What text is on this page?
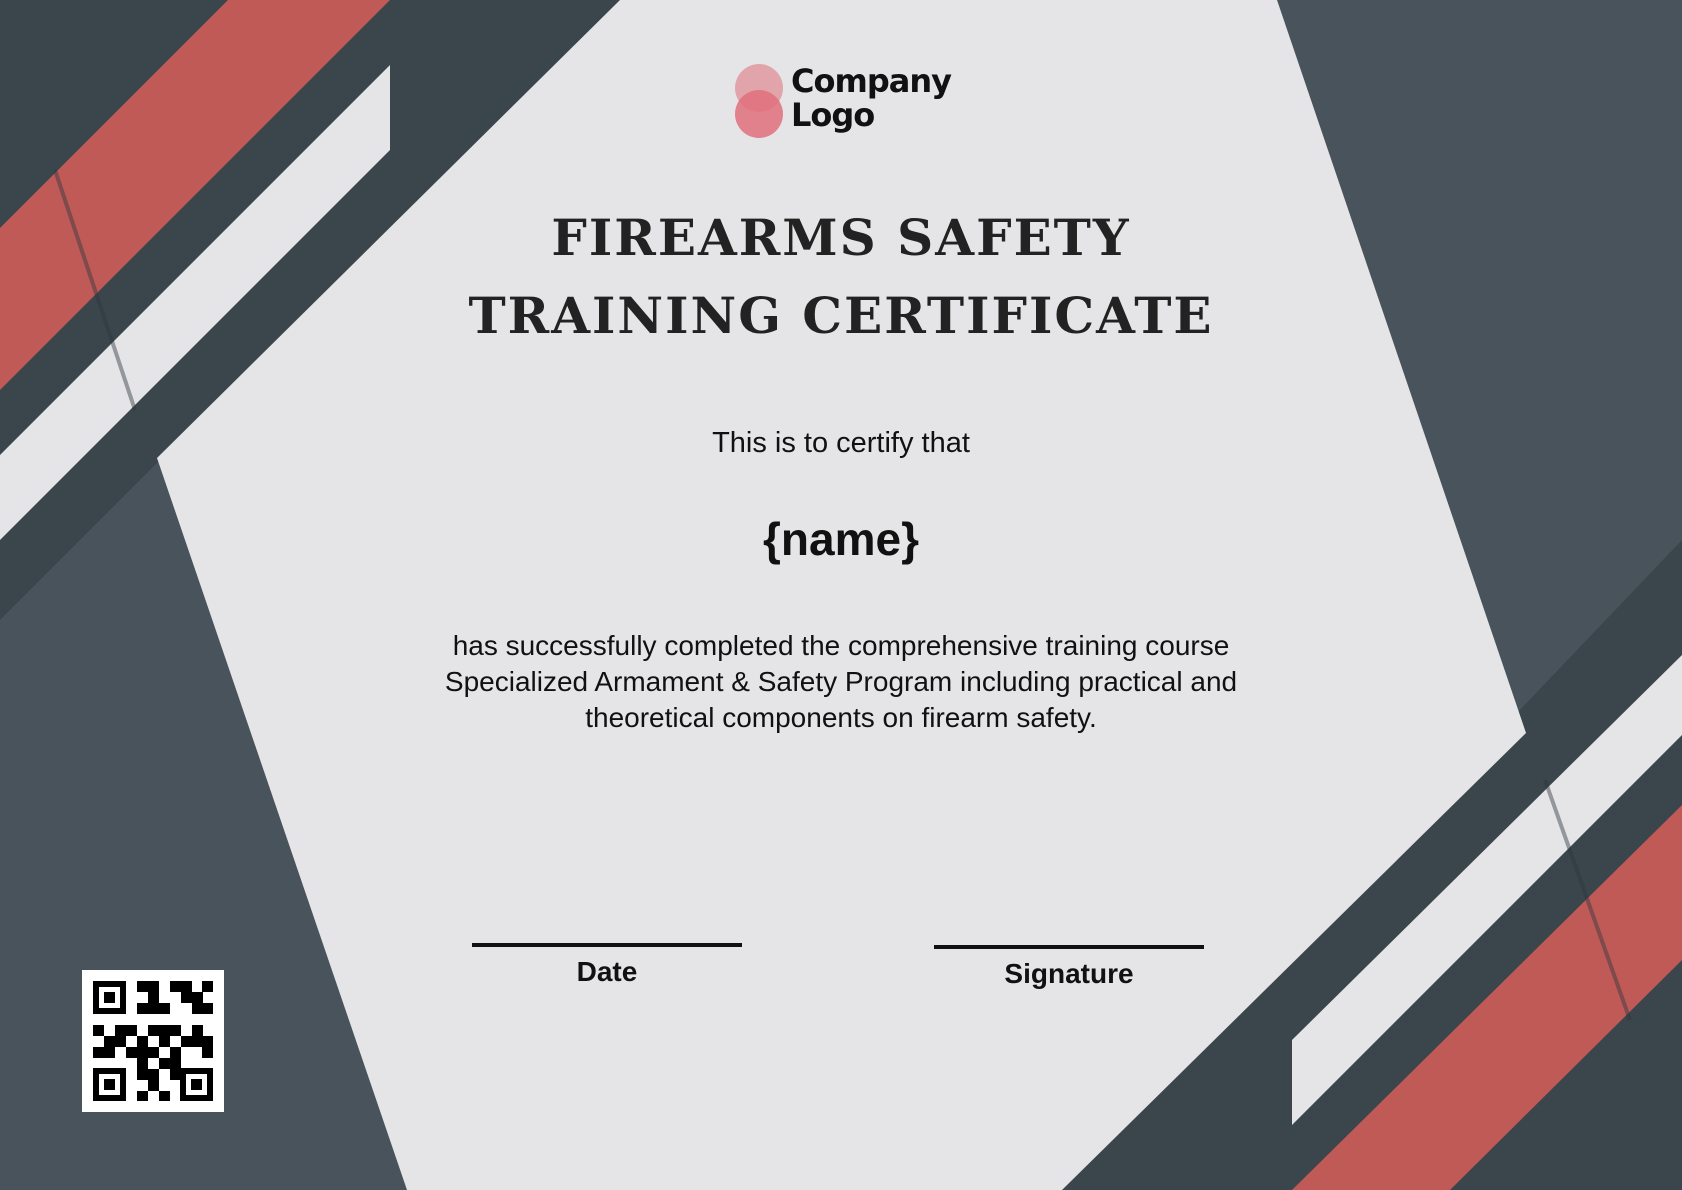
Company
Logo
FIREARMS SAFETY
TRAINING CERTIFICATE
This is to certify that
{name}
has successfully completed the comprehensive training course
Specialized Armament & Safety Program including practical and
theoretical components on firearm safety.
Date	Signature
